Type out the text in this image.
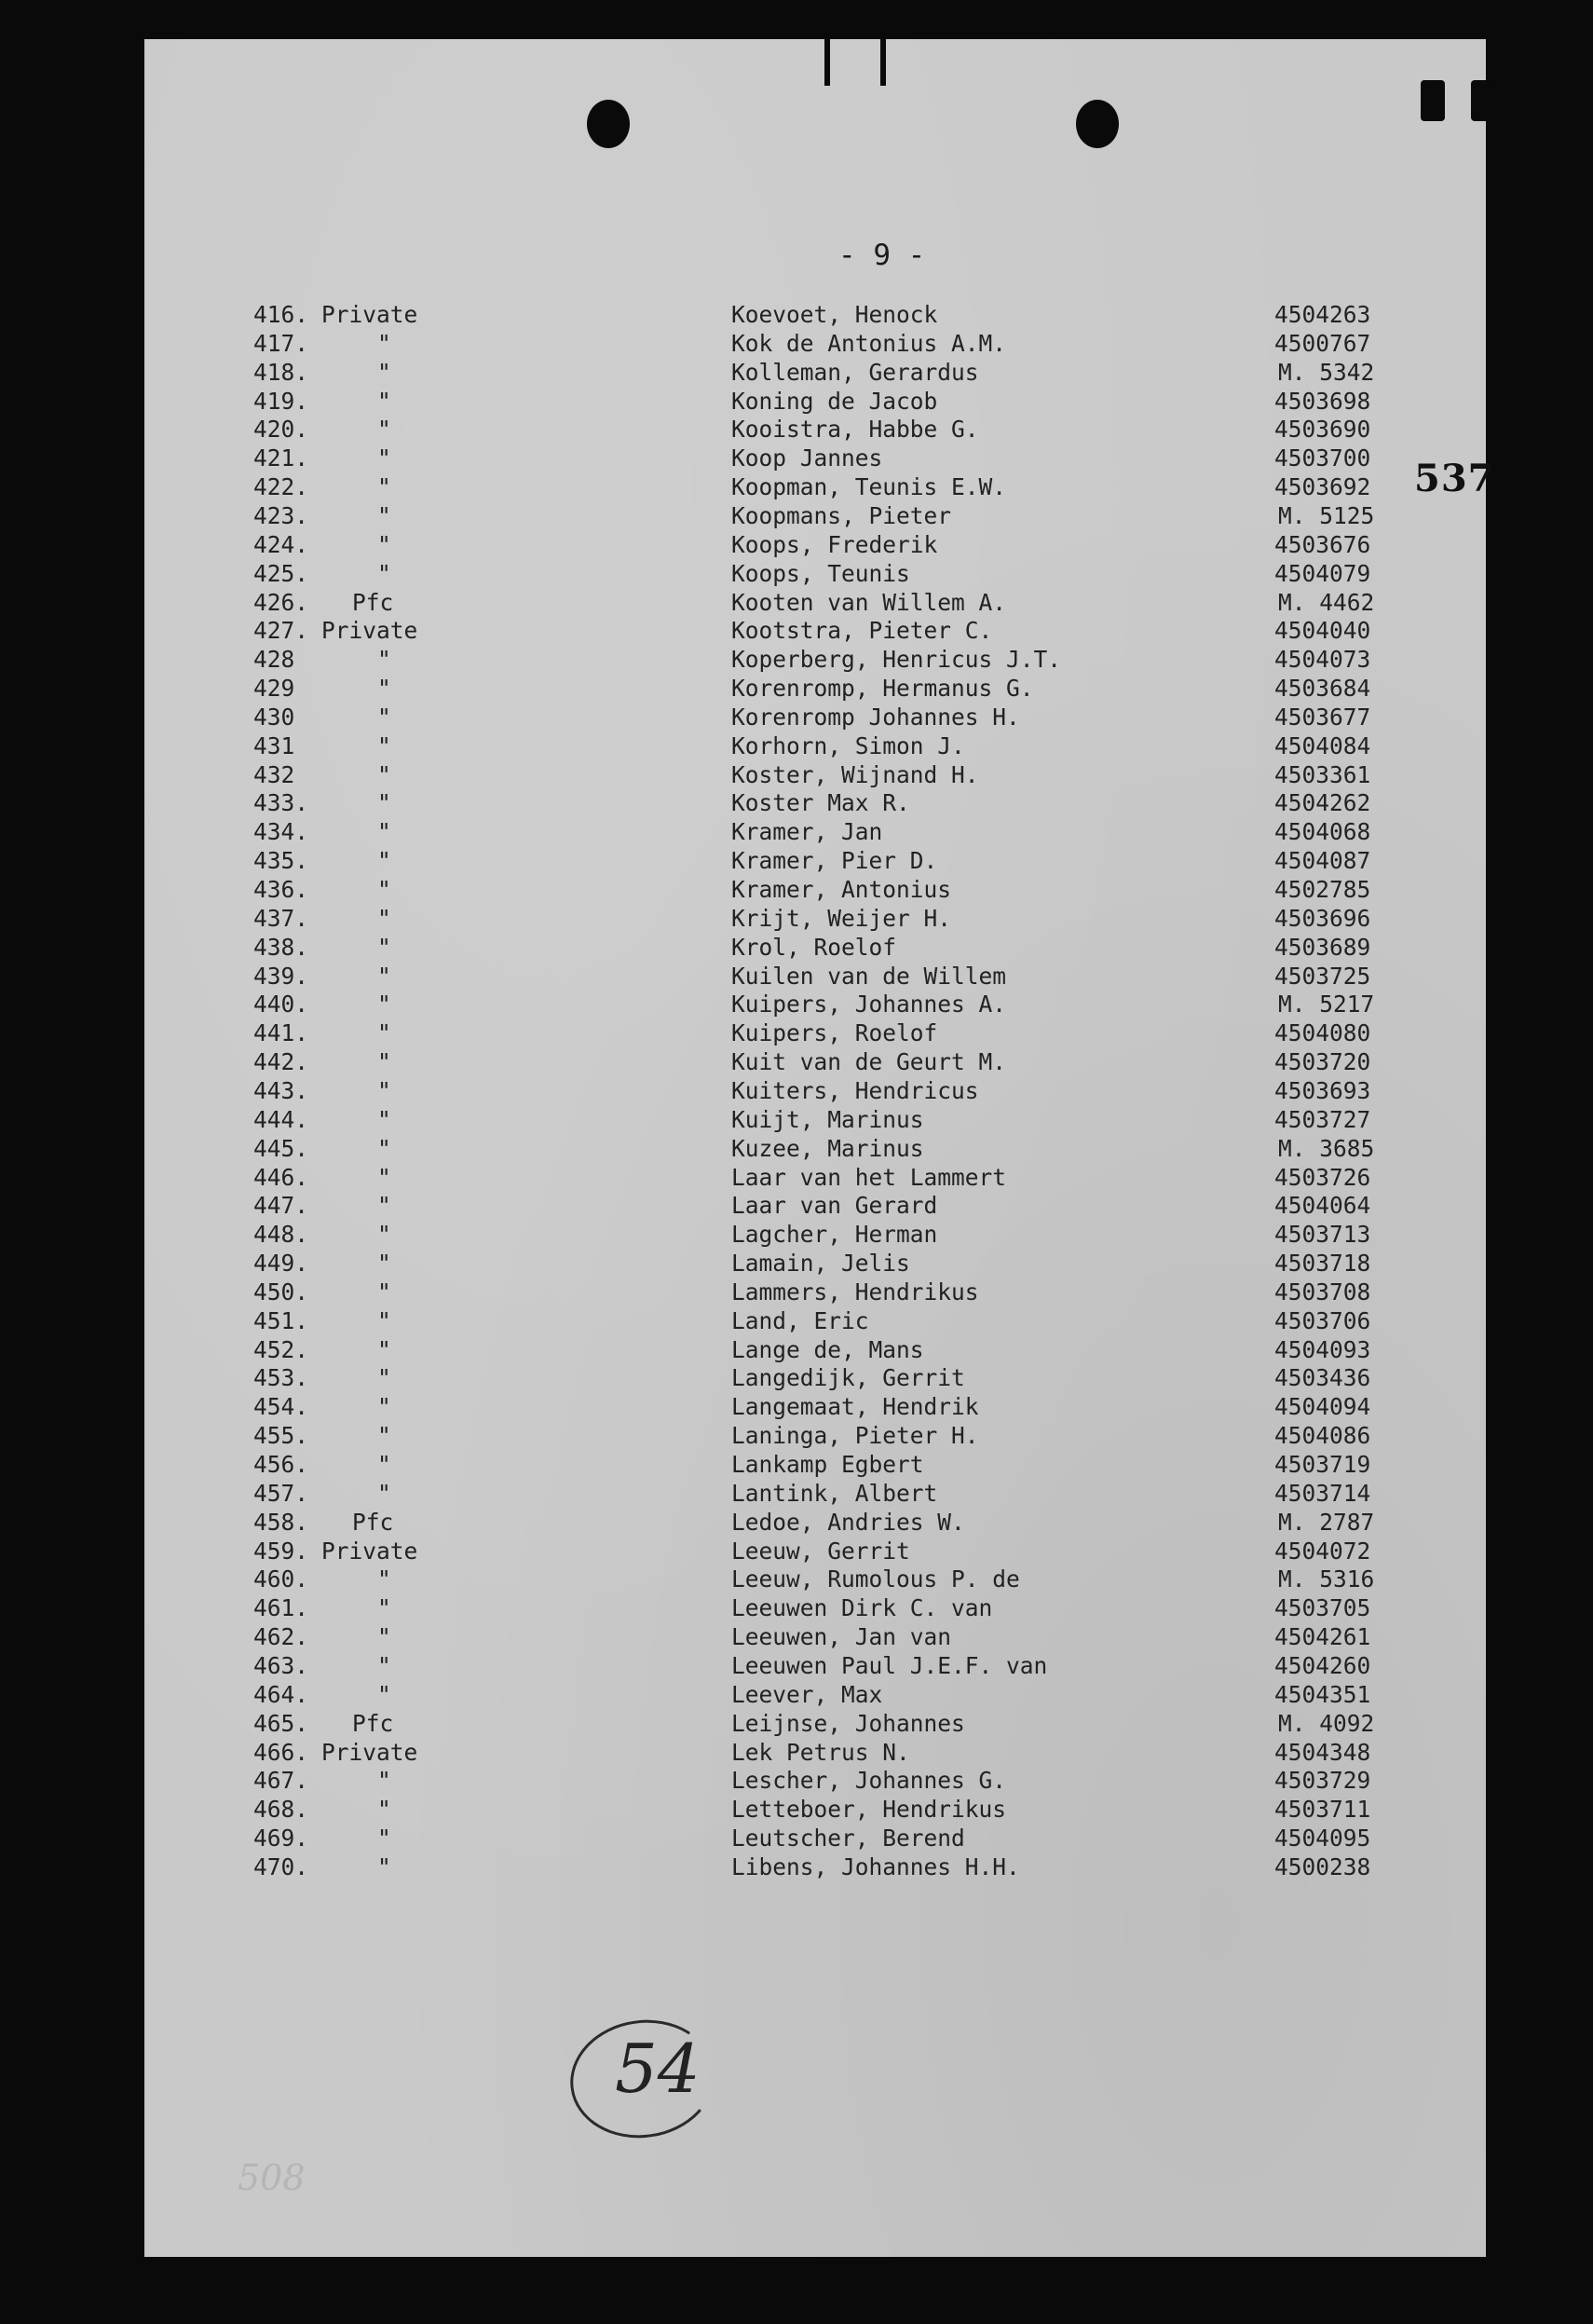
- 9 -
537
416. Private	Koevoet, Henock	4504263
417.	"	Kok de Antonius A.M.	4500767
418.	"	Kolleman, Gerardus	M. 5342
419.	"	Koning de Jacob	4503698
420.	"	Kooistra, Habbe G.	4503690
421.	"	Koop Jannes	4503700
422.	"	Koopman, Teunis E.W.	4503692
423.	"	Koopmans, Pieter	M. 5125
424.	"	Koops, Frederik	4503676
425.	"	Koops, Teunis	4504079
426. Pfc	Kooten van Willem A.	M. 4462
427. Private	Kootstra, Pieter C.	4504040
428	"	Koperberg, Henricus J.T.	4504073
429	"	Korenromp, Hermanus G.	4503684
430	"	Korenromp Johannes H.	4503677
431	"	Korhorn, Simon J.	4504084
432	"	Koster, Wijnand H.	4503361
433.	"	Koster Max R.	4504262
434.	"	Kramer, Jan	4504068
435.	"	Kramer, Pier D.	4504087
436.	"	Kramer, Antonius	4502785
437.	"	Krijt, Weijer H.	4503696
438.	"	Krol, Roelof	4503689
439.	"	Kuilen van de Willem	4503725
440.	"	Kuipers, Johannes A.	M. 5217
441.	"	Kuipers, Roelof	4504080
442.	"	Kuit van de Geurt M.	4503720
443.	"	Kuiters, Hendricus	4503693
444.	"	Kuijt, Marinus	4503727
445.	"	Kuzee, Marinus	M. 3685
446.	"	Laar van het Lammert	4503726
447.	"	Laar van Gerard	4504064
448.	"	Lagcher, Herman	4503713
449.	"	Lamain, Jelis	4503718
450.	"	Lammers, Hendrikus	4503708
451.	"	Land, Eric	4503706
452.	"	Lange de, Mans	4504093
453.	"	Langedijk, Gerrit	4503436
454.	"	Langemaat, Hendrik	4504094
455.	"	Laninga, Pieter H.	4504086
456.	"	Lankamp Egbert	4503719
457.	"	Lantink, Albert	4503714
458. Pfc	Ledoe, Andries W.	M. 2787
459. Private	Leeuw, Gerrit	4504072
460.	"	Leeuw, Rumolous P. de	M. 5316
461.	"	Leeuwen Dirk C. van	4503705
462.	"	Leeuwen, Jan van	4504261
463.	"	Leeuwen Paul J.E.F. van	4504260
464.	"	Leever, Max	4504351
465. Pfc	Leijnse, Johannes	M. 4092
466. Private	Lek Petrus N.	4504348
467.	"	Lescher, Johannes G.	4503729
468.	"	Letteboer, Hendrikus	4503711
469.	"	Leutscher, Berend	4504095
470.	"	Libens, Johannes H.H.	4500238
54
508
